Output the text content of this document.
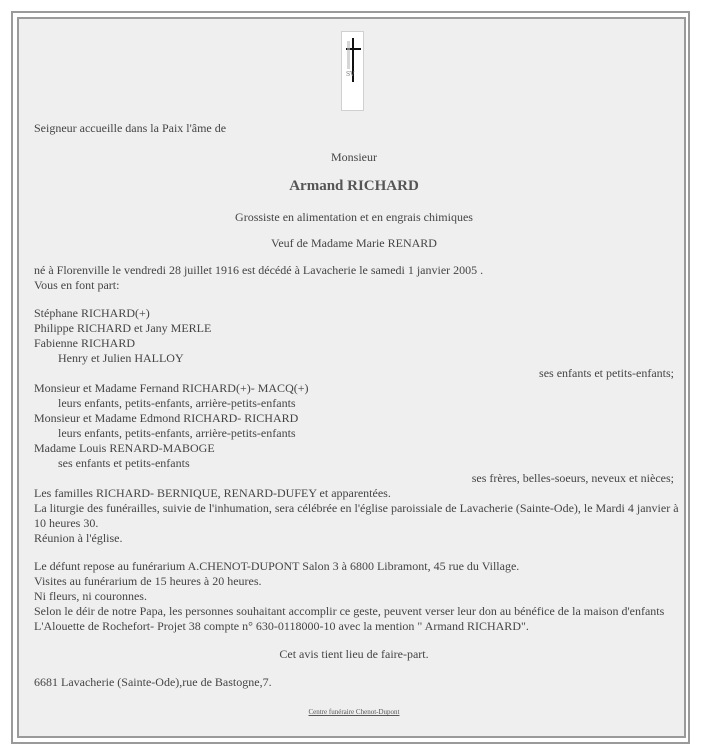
SV
Seigneur accueille dans la Paix l'âme de
Monsieur
Armand RICHARD
Grossiste en alimentation et en engrais chimiques
Veuf de Madame Marie RENARD
né à Florenville le vendredi 28 juillet 1916 est décédé à Lavacherie le samedi 1 janvier 2005 .
Vous en font part:
Stéphane RICHARD(+)
Philippe RICHARD et Jany MERLE
Fabienne RICHARD
Henry et Julien HALLOY
ses enfants et petits-enfants;
Monsieur et Madame Fernand RICHARD(+)- MACQ(+)
leurs enfants, petits-enfants, arrière-petits-enfants
Monsieur et Madame Edmond RICHARD- RICHARD
leurs enfants, petits-enfants, arrière-petits-enfants
Madame Louis RENARD-MABOGE
ses enfants et petits-enfants
ses frères, belles-soeurs, neveux et nièces;
Les familles RICHARD- BERNIQUE, RENARD-DUFEY et apparentées.
La liturgie des funérailles, suivie de l'inhumation, sera célébrée en l'église paroissiale de Lavacherie (Sainte-Ode), le Mardi 4 janvier à
10 heures 30.
Réunion à l'église.
Le défunt repose au funérarium A.CHENOT-DUPONT Salon 3 à 6800 Libramont, 45 rue du Village.
Visites au funérarium de 15 heures à 20 heures.
Ni fleurs, ni couronnes.
Selon le déir de notre Papa, les personnes souhaitant accomplir ce geste, peuvent verser leur don au bénéfice de la maison d'enfants
L'Alouette de Rochefort- Projet 38 compte n° 630-0118000-10 avec la mention " Armand RICHARD".
Cet avis tient lieu de faire-part.
6681 Lavacherie (Sainte-Ode),rue de Bastogne,7.
Centre funéraire Chenot-Dupont
